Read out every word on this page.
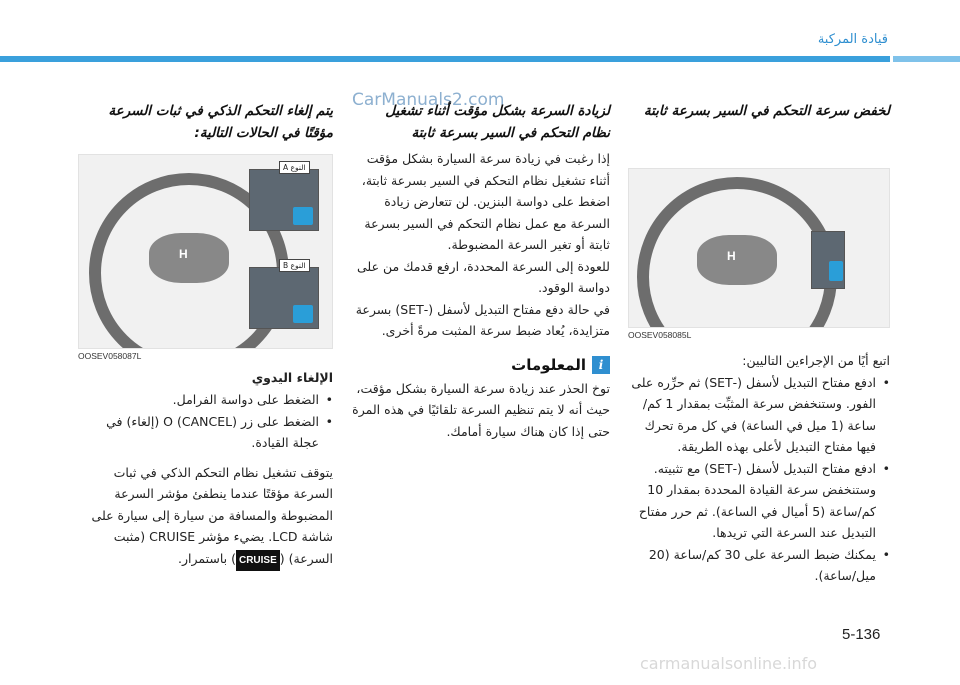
قيادة المركبة
CarManuals2.com
لخفض سرعة التحكم في السير بسرعة ثابتة
H
OOSEV058085L
اتبع أيًا من الإجراءين التاليين:
• ادفع مفتاح التبديل لأسفل (-SET) ثم حرِّره على الفور. وستنخفض سرعة المثبِّت بمقدار 1 كم/ساعة (1 ميل في الساعة) في كل مرة تحرك فيها مفتاح التبديل لأعلى بهذه الطريقة.
• ادفع مفتاح التبديل لأسفل (-SET) مع تثبيته. وستنخفض سرعة القيادة المحددة بمقدار 10 كم/ساعة (5 أميال في الساعة). ثم حرر مفتاح التبديل عند السرعة التي تريدها.
• يمكنك ضبط السرعة على 30 كم/ساعة (20 ميل/ساعة).
لزيادة السرعة بشكل مؤقت أثناء تشغيل
نظام التحكم في السير بسرعة ثابتة
إذا رغبت في زيادة سرعة السيارة بشكل مؤقت أثناء تشغيل نظام التحكم في السير بسرعة ثابتة، اضغط على دواسة البنزين. لن تتعارض زيادة السرعة مع عمل نظام التحكم في السير بسرعة ثابتة أو تغير السرعة المضبوطة.
للعودة إلى السرعة المحددة، ارفع قدمك من على دواسة الوقود.
في حالة دفع مفتاح التبديل لأسفل (-SET) بسرعة متزايدة، يُعاد ضبط سرعة المثبت مرةً أخرى.
i
المعلومات
توخ الحذر عند زيادة سرعة السيارة بشكل مؤقت، حيث أنه لا يتم تنظيم السرعة تلقائيًا في هذه المرة حتى إذا كان هناك سيارة أمامك.
يتم إلغاء التحكم الذكي في ثبات السرعة
مؤقتًا في الحالات التالية:
H
النوع A
النوع B
OOSEV058087L
الإلغاء اليدوي
• الضغط على دواسة الفرامل.
• الضغط على زر O (CANCEL) (إلغاء) في عجلة القيادة.
يتوقف تشغيل نظام التحكم الذكي في ثبات السرعة مؤقتًا عندما ينطفئ مؤشر السرعة المضبوطة والمسافة من سيارة إلى سيارة على شاشة LCD. يضيء مؤشر CRUISE (مثبت السرعة) (CRUISE) باستمرار.
5-136
carmanualsonline.info
